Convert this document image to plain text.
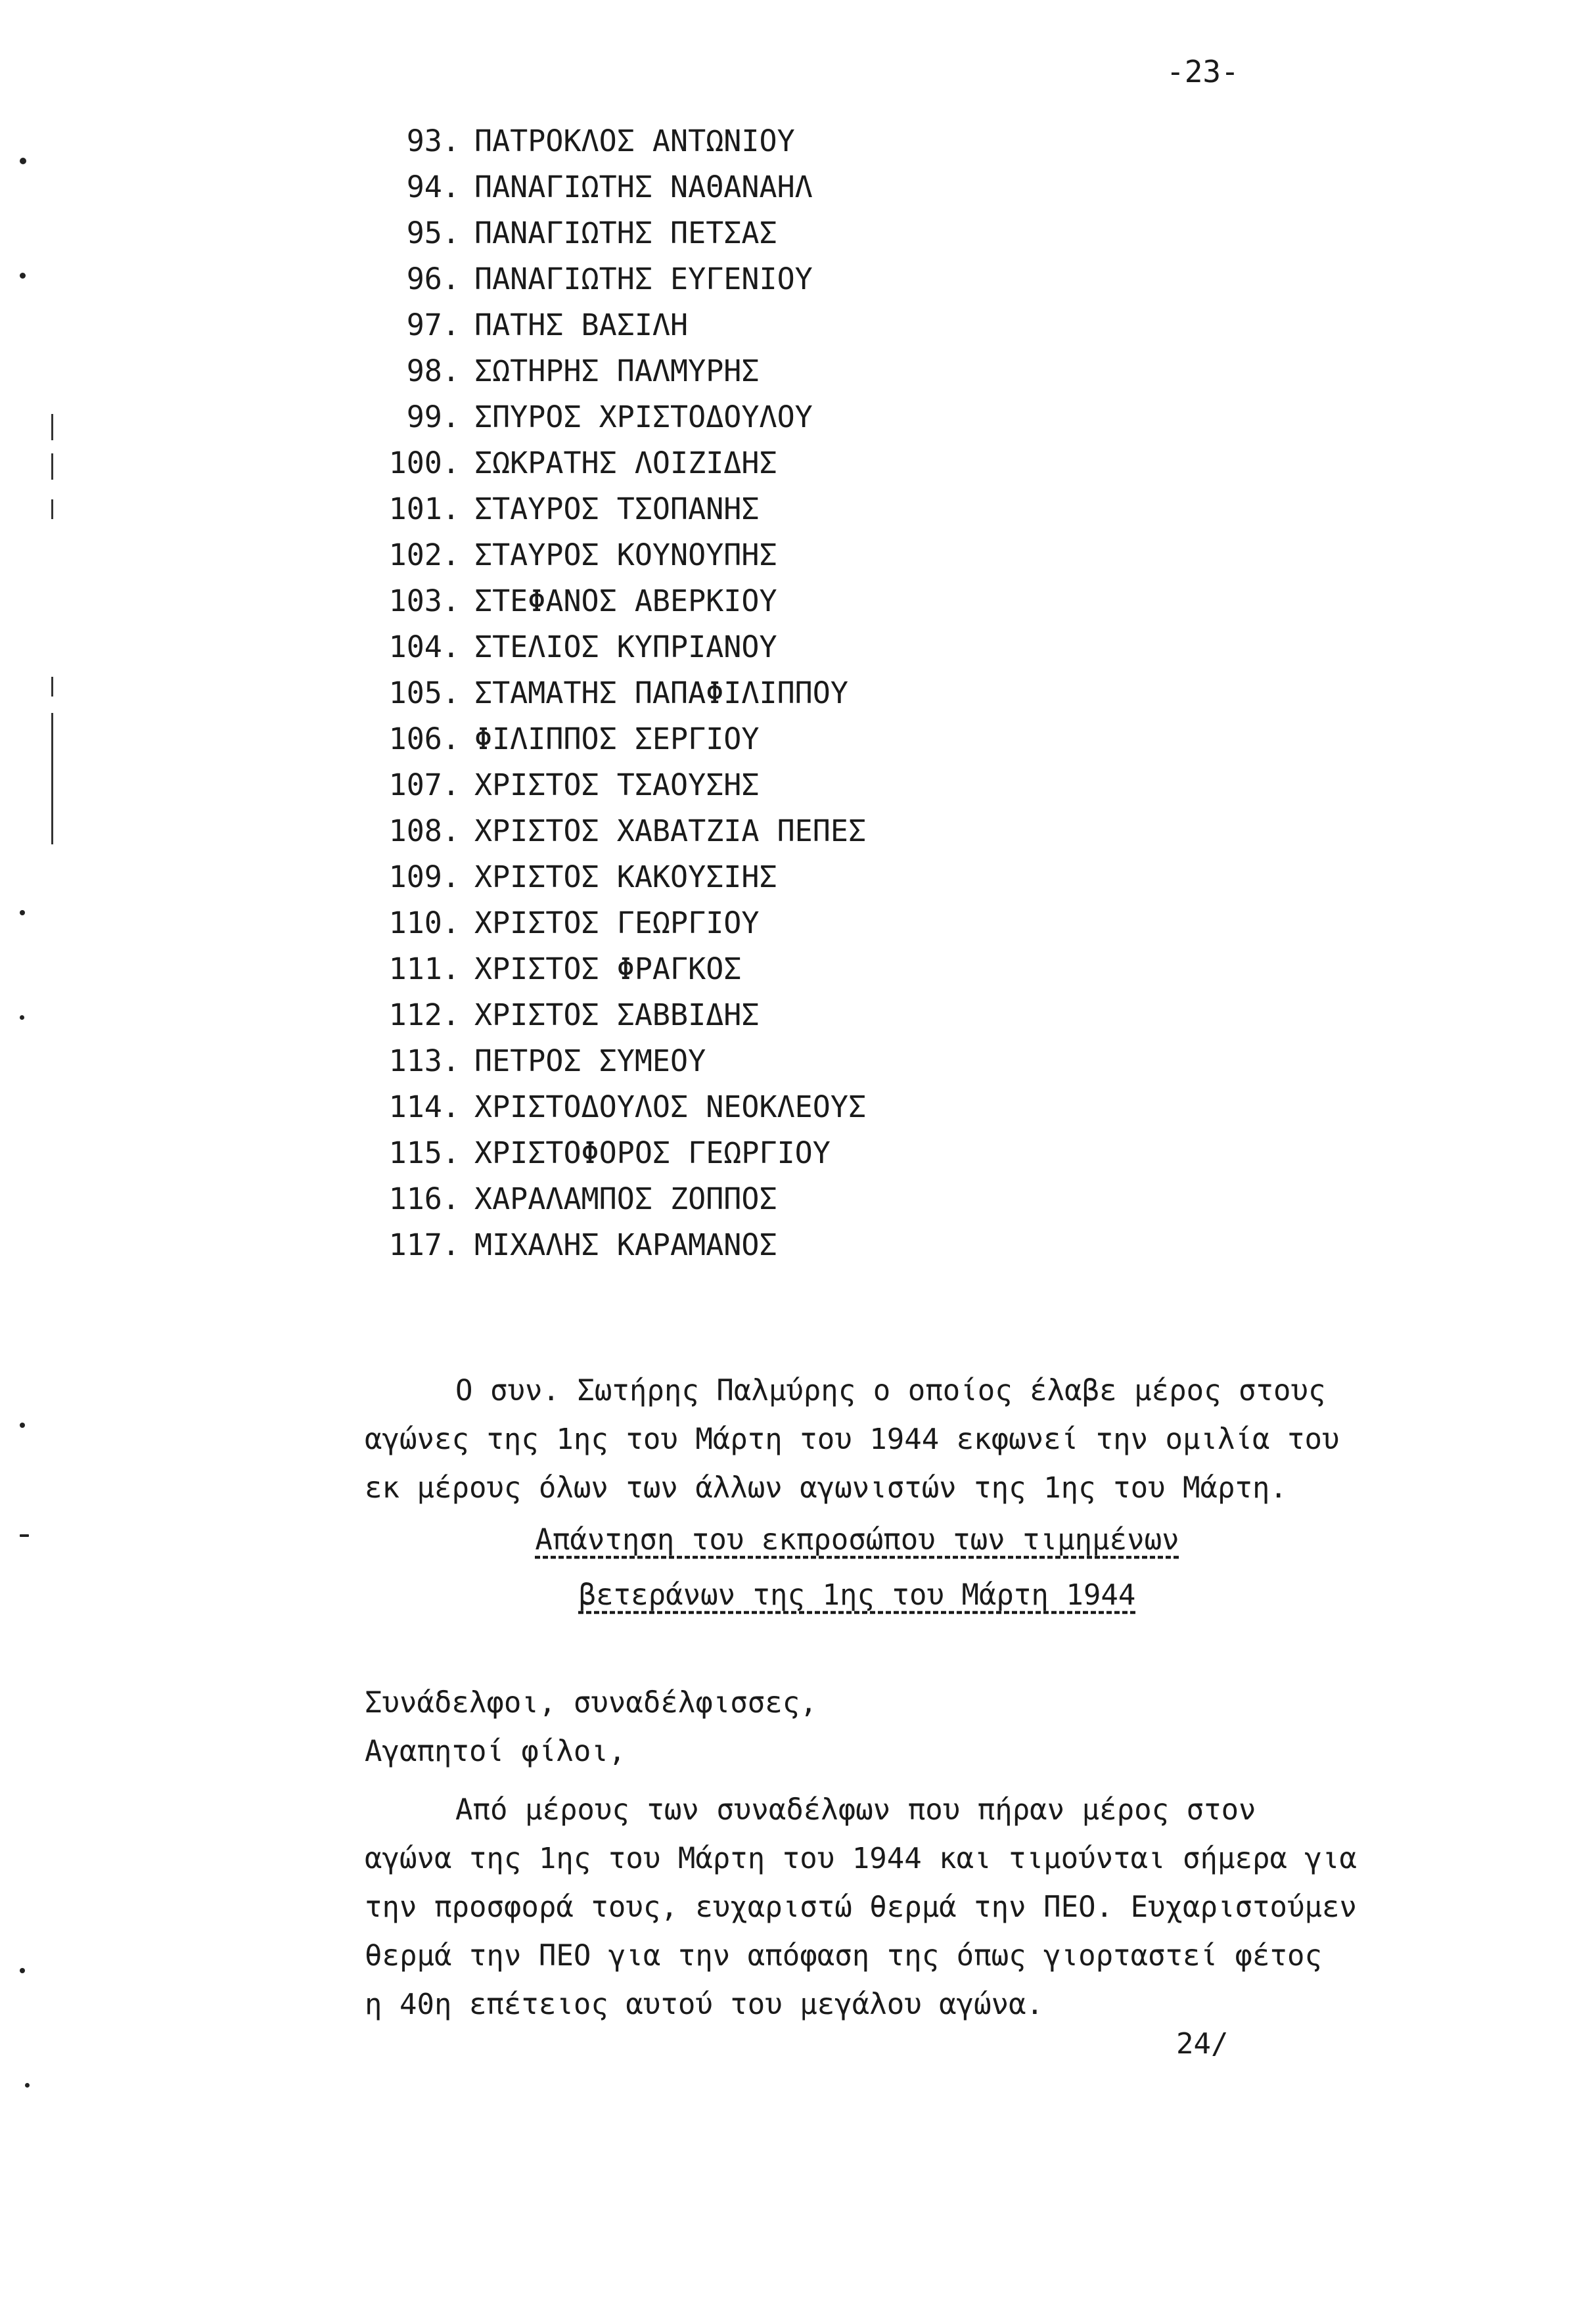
-23-
93. ΠΑΤΡΟΚΛΟΣ ΑΝΤΩΝΙΟΥ
94. ΠΑΝΑΓΙΩΤΗΣ ΝΑΘΑΝΑΗΛ
95. ΠΑΝΑΓΙΩΤΗΣ ΠΕΤΣΑΣ
96. ΠΑΝΑΓΙΩΤΗΣ ΕΥΓΕΝΙΟΥ
97. ΠΑΤΗΣ ΒΑΣΙΛΗ
98. ΣΩΤΗΡΗΣ ΠΑΛΜΥΡΗΣ
99. ΣΠΥΡΟΣ ΧΡΙΣΤΟΔΟΥΛΟΥ
100. ΣΩΚΡΑΤΗΣ ΛΟΙΖΙΔΗΣ
101. ΣΤΑΥΡΟΣ ΤΣΟΠΑΝΗΣ
102. ΣΤΑΥΡΟΣ ΚΟΥΝΟΥΠΗΣ
103. ΣΤΕΦΑΝΟΣ ΑΒΕΡΚΙΟΥ
104. ΣΤΕΛΙΟΣ ΚΥΠΡΙΑΝΟΥ
105. ΣΤΑΜΑΤΗΣ ΠΑΠΑΦΙΛΙΠΠΟΥ
106. ΦΙΛΙΠΠΟΣ ΣΕΡΓΙΟΥ
107. ΧΡΙΣΤΟΣ ΤΣΑΟΥΣΗΣ
108. ΧΡΙΣΤΟΣ ΧΑΒΑΤΖΙΑ ΠΕΠΕΣ
109. ΧΡΙΣΤΟΣ ΚΑΚΟΥΣΙΗΣ
110. ΧΡΙΣΤΟΣ ΓΕΩΡΓΙΟΥ
111. ΧΡΙΣΤΟΣ ΦΡΑΓΚΟΣ
112. ΧΡΙΣΤΟΣ ΣΑΒΒΙΔΗΣ
113. ΠΕΤΡΟΣ ΣΥΜΕΟΥ
114. ΧΡΙΣΤΟΔΟΥΛΟΣ ΝΕΟΚΛΕΟΥΣ
115. ΧΡΙΣΤΟΦΟΡΟΣ ΓΕΩΡΓΙΟΥ
116. ΧΑΡΑΛΑΜΠΟΣ ΖΟΠΠΟΣ
117. ΜΙΧΑΛΗΣ ΚΑΡΑΜΑΝΟΣ

Ο συν. Σωτήρης Παλμύρης ο οποίος έλαβε μέρος στους
αγώνες της 1ης του Μάρτη του 1944 εκφωνεί την ομιλία του
εκ μέρους όλων των άλλων αγωνιστών της 1ης του Μάρτη.

Απάντηση του εκπροσώπου των τιμημένων

βετεράνων της 1ης του Μάρτη 1944

Συνάδελφοι, συναδέλφισσες,
Αγαπητοί φίλοι,

Από μέρους των συναδέλφων που πήραν μέρος στον
αγώνα της 1ης του Μάρτη του 1944 και τιμούνται σήμερα για
την προσφορά τους, ευχαριστώ θερμά την ΠΕΟ. Ευχαριστούμεν
θερμά την ΠΕΟ για την απόφαση της όπως γιορταστεί φέτος
η 40η επέτειος αυτού του μεγάλου αγώνα.

24/
